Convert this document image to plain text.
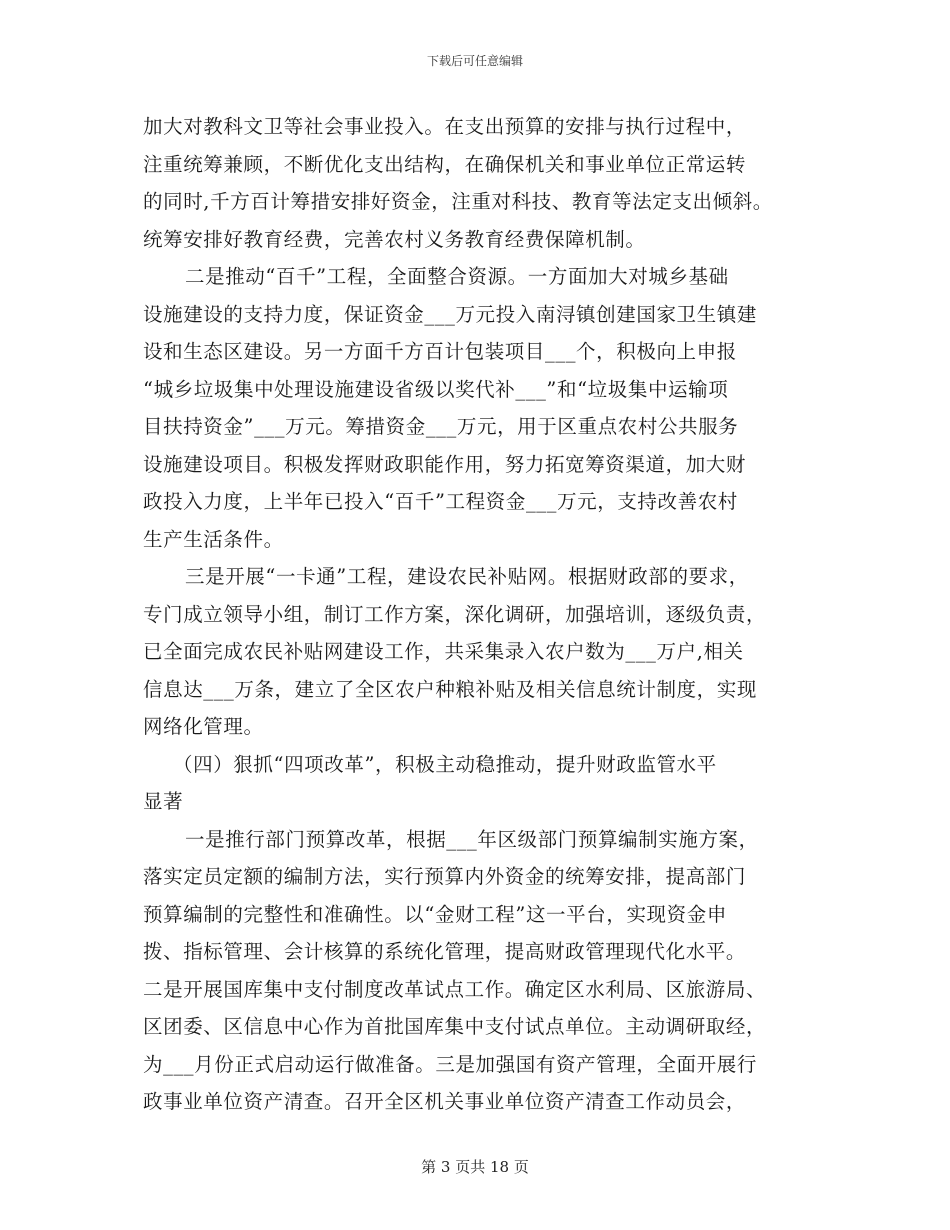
下载后可任意编辑
加大对教科文卫等社会事业投入。在支出预算的安排与执行过程中，
注重统筹兼顾，不断优化支出结构，在确保机关和事业单位正常运转
的同时,千方百计筹措安排好资金，注重对科技、教育等法定支出倾斜。
统筹安排好教育经费，完善农村义务教育经费保障机制。
二是推动“百千”工程，全面整合资源。一方面加大对城乡基础
设施建设的支持力度，保证资金___万元投入南浔镇创建国家卫生镇建
设和生态区建设。另一方面千方百计包装项目___个，积极向上申报
“城乡垃圾集中处理设施建设省级以奖代补___”和“垃圾集中运输项
目扶持资金”___万元。筹措资金___万元，用于区重点农村公共服务
设施建设项目。积极发挥财政职能作用，努力拓宽筹资渠道，加大财
政投入力度，上半年已投入“百千”工程资金___万元，支持改善农村
生产生活条件。
三是开展“一卡通”工程，建设农民补贴网。根据财政部的要求，
专门成立领导小组，制订工作方案，深化调研，加强培训，逐级负责，
已全面完成农民补贴网建设工作，共采集录入农户数为___万户,相关
信息达___万条，建立了全区农户种粮补贴及相关信息统计制度，实现
网络化管理。
（四）狠抓“四项改革”，积极主动稳推动，提升财政监管水平
显著
一是推行部门预算改革，根据___年区级部门预算编制实施方案，
落实定员定额的编制方法，实行预算内外资金的统筹安排，提高部门
预算编制的完整性和准确性。以“金财工程”这一平台，实现资金申
拨、指标管理、会计核算的系统化管理，提高财政管理现代化水平。
二是开展国库集中支付制度改革试点工作。确定区水利局、区旅游局、
区团委、区信息中心作为首批国库集中支付试点单位。主动调研取经，
为___月份正式启动运行做准备。三是加强国有资产管理，全面开展行
政事业单位资产清查。召开全区机关事业单位资产清查工作动员会，
第 3 页共 18 页
